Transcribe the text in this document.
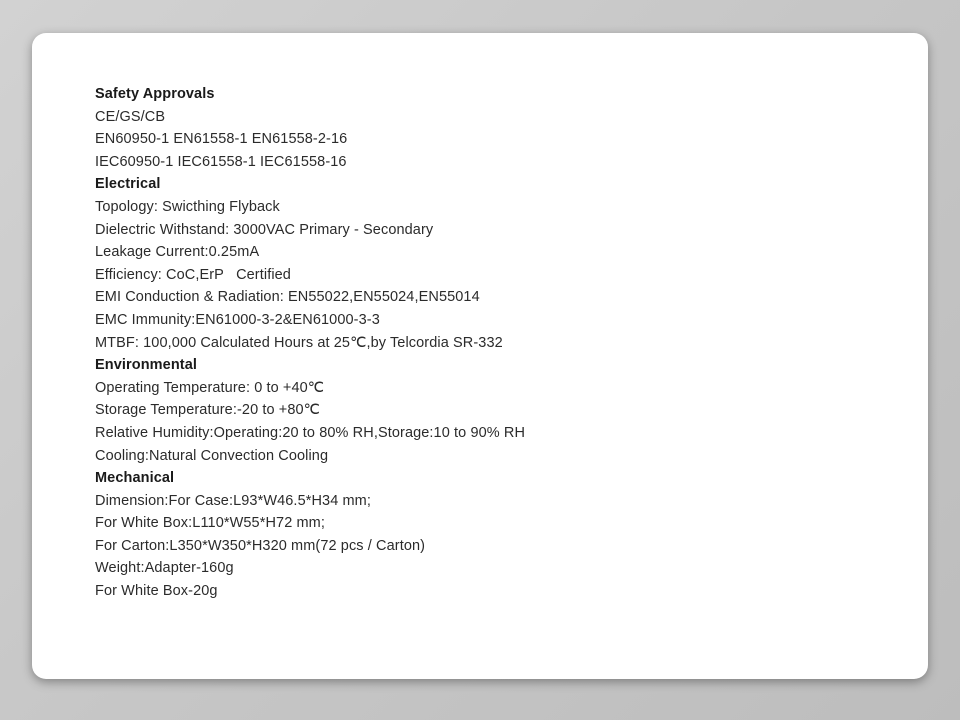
Safety Approvals
CE/GS/CB
EN60950-1 EN61558-1 EN61558-2-16
IEC60950-1 IEC61558-1 IEC61558-16
Electrical
Topology: Swicthing Flyback
Dielectric Withstand: 3000VAC Primary - Secondary
Leakage Current:0.25mA
Efficiency: CoC,ErP   Certified
EMI Conduction & Radiation: EN55022,EN55024,EN55014
EMC Immunity:EN61000-3-2&EN61000-3-3
MTBF: 100,000 Calculated Hours at 25℃,by Telcordia SR-332
Environmental
Operating Temperature: 0 to +40℃
Storage Temperature:-20 to +80℃
Relative Humidity:Operating:20 to 80% RH,Storage:10 to 90% RH
Cooling:Natural Convection Cooling
Mechanical
Dimension:For Case:L93*W46.5*H34 mm;
For White Box:L110*W55*H72 mm;
For Carton:L350*W350*H320 mm(72 pcs / Carton)
Weight:Adapter-160g
For White Box-20g
